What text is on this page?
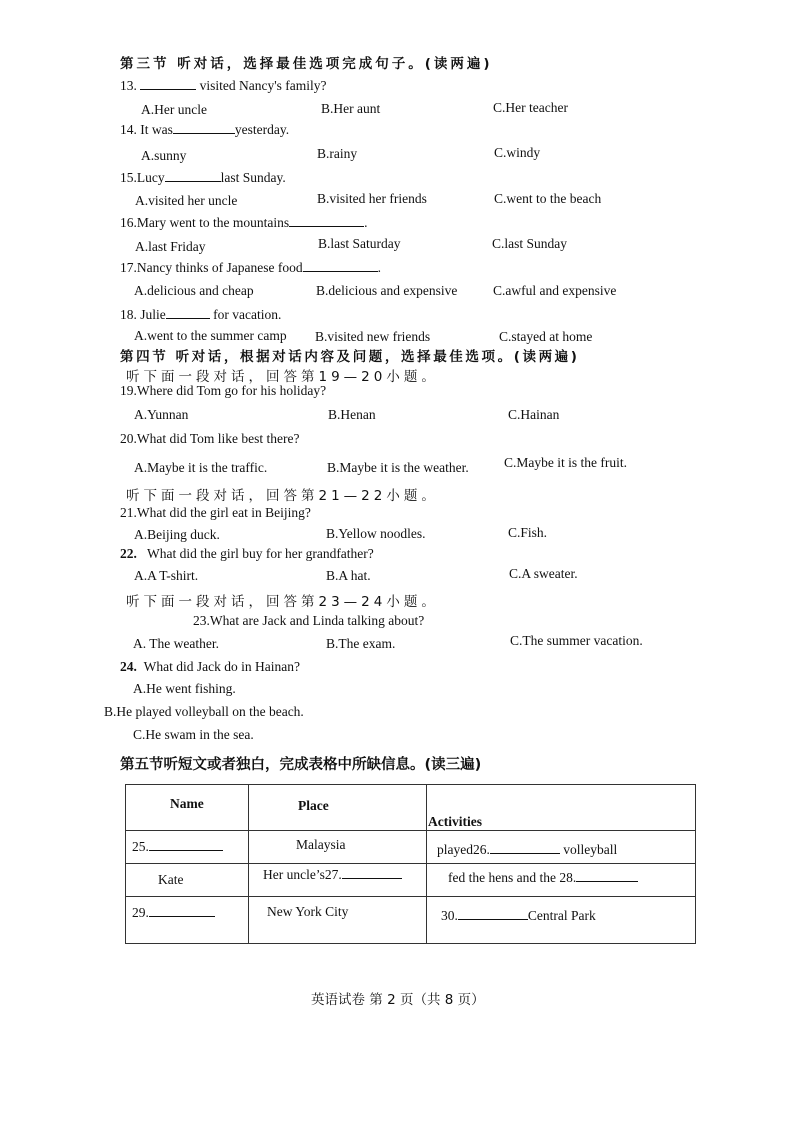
第三节 听对话，选择最佳选项完成句子。(读两遍)
13.	visited Nancy's family?
A.Her uncle	B.Her aunt	C.Her teacher
14. It was	yesterday.
A.sunny	B.rainy	C.windy
15.Lucy	last Sunday.
A.visited her uncle	B.visited her friends	C.went to the beach
16.Mary went to the mountains	.
A.last Friday	B.last Saturday	C.last Sunday
17.Nancy thinks of Japanese food	.
A.delicious and cheap	B.delicious and expensive	C.awful and expensive
18. Julie	for vacation.
A.went to the summer camp B.visited new friends	C.stayed at home
第四节 听对话，根据对话内容及问题，选择最佳选项。(读两遍)
听下面一段对话，回答第19—20小题。
19.Where did Tom go for his holiday?
A.Yunnan	B.Henan	C.Hainan
20.What did Tom like best there?
A.Maybe it is the traffic.	B.Maybe it is the weather.	C.Maybe it is the fruit.
听下面一段对话，回答第21—22小题。
21.What did the girl eat in Beijing?
A.Beijing duck.	B.Yellow noodles.	C.Fish.
22. What did the girl buy for her grandfather?
A.A T-shirt.	B.A hat.	C.A sweater.
听下面一段对话，回答第23—24小题。
23.What are Jack and Linda talking about?
A. The weather.	B.The exam.	C.The summer vacation.
24. What did Jack do in Hainan?
A.He went fishing.
B.He played volleyball on the beach.
C.He swam in the sea.
第五节听短文或者独白，完成表格中所缺信息。(读三遍)
Name	Place	Activities

25.	Malaysia	played26. volleyball

Kate	Her uncle’s27.	fed the hens and the 28.

29.	New York City	30. Central Park
英语试卷 第 2 页（共 8 页）
